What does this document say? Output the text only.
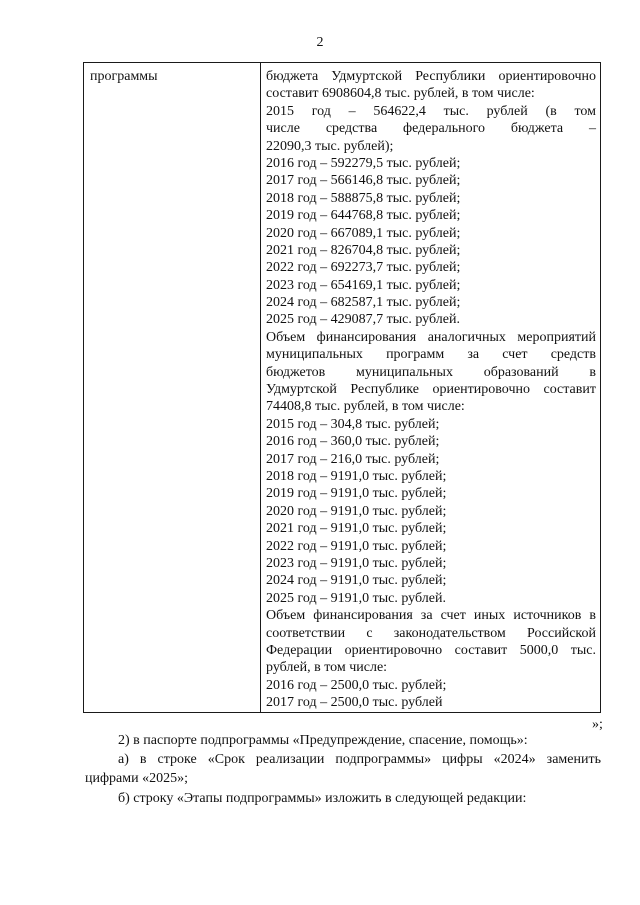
2
программы	бюджета Удмуртской Республики ориентировочно
составит 6908604,8 тыс. рублей, в том числе:
2015 год – 564622,4 тыс. рублей (в том
числе средства федерального бюджета –
22090,3 тыс. рублей);
2016 год – 592279,5 тыс. рублей;
2017 год – 566146,8 тыс. рублей;
2018 год – 588875,8 тыс. рублей;
2019 год – 644768,8 тыс. рублей;
2020 год – 667089,1 тыс. рублей;
2021 год – 826704,8 тыс. рублей;
2022 год – 692273,7 тыс. рублей;
2023 год – 654169,1 тыс. рублей;
2024 год – 682587,1 тыс. рублей;
2025 год – 429087,7 тыс. рублей.
Объем финансирования аналогичных мероприятий
муниципальных программ за счет средств
бюджетов муниципальных образований в
Удмуртской Республике ориентировочно составит
74408,8 тыс. рублей, в том числе:
2015 год – 304,8 тыс. рублей;
2016 год – 360,0 тыс. рублей;
2017 год – 216,0 тыс. рублей;
2018 год – 9191,0 тыс. рублей;
2019 год – 9191,0 тыс. рублей;
2020 год – 9191,0 тыс. рублей;
2021 год – 9191,0 тыс. рублей;
2022 год – 9191,0 тыс. рублей;
2023 год – 9191,0 тыс. рублей;
2024 год – 9191,0 тыс. рублей;
2025 год – 9191,0 тыс. рублей.
Объем финансирования за счет иных источников в
соответствии с законодательством Российской
Федерации ориентировочно составит 5000,0 тыс.
рублей, в том числе:
2016 год – 2500,0 тыс. рублей;
2017 год – 2500,0 тыс. рублей
»;
2) в паспорте подпрограммы «Предупреждение, спасение, помощь»:
а) в строке «Срок реализации подпрограммы» цифры «2024» заменить
цифрами «2025»;
б) строку «Этапы подпрограммы» изложить в следующей редакции:
